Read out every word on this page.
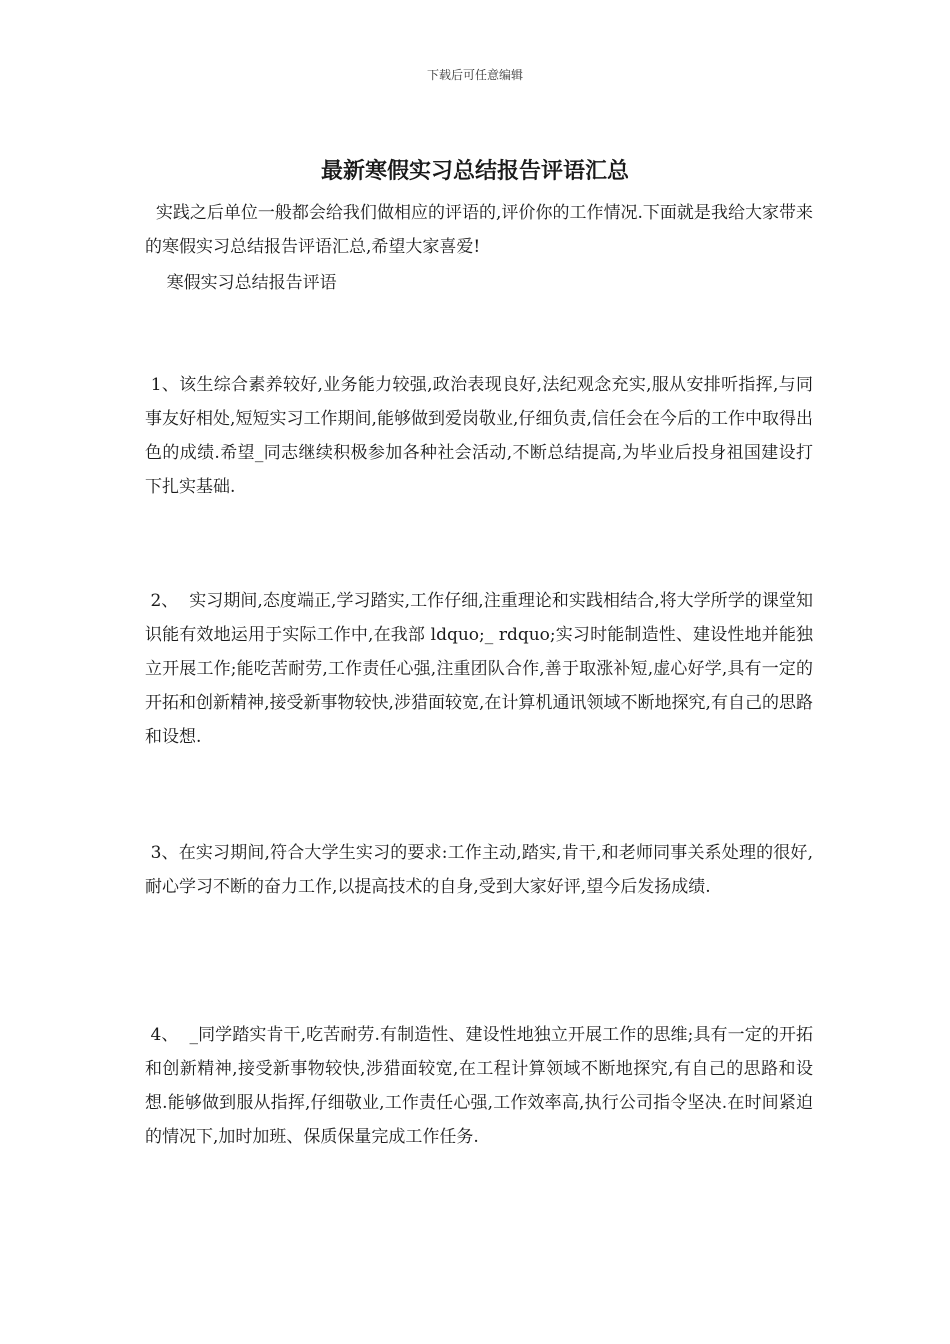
下载后可任意编辑
最新寒假实习总结报告评语汇总

实践之后单位一般都会给我们做相应的评语的,评价你的工作情况.下面就是我给大家带来的寒假实习总结报告评语汇总,希望大家喜爱!

寒假实习总结报告评语

1、该生综合素养较好,业务能力较强,政治表现良好,法纪观念充实,服从安排听指挥,与同事友好相处,短短实习工作期间,能够做到爱岗敬业,仔细负责,信任会在今后的工作中取得出色的成绩.希望_同志继续积极参加各种社会活动,不断总结提高,为毕业后投身祖国建设打下扎实基础.

2、  实习期间,态度端正,学习踏实,工作仔细,注重理论和实践相结合,将大学所学的课堂知识能有效地运用于实际工作中,在我部 ldquo;_ rdquo;实习时能制造性、建设性地并能独立开展工作;能吃苦耐劳,工作责任心强,注重团队合作,善于取涨补短,虚心好学,具有一定的开拓和创新精神,接受新事物较快,涉猎面较宽,在计算机通讯领域不断地探究,有自己的思路和设想.

3、在实习期间,符合大学生实习的要求:工作主动,踏实,肯干,和老师同事关系处理的很好,耐心学习不断的奋力工作,以提高技术的自身,受到大家好评,望今后发扬成绩.

4、  _同学踏实肯干,吃苦耐劳.有制造性、建设性地独立开展工作的思维;具有一定的开拓和创新精神,接受新事物较快,涉猎面较宽,在工程计算领域不断地探究,有自己的思路和设想.能够做到服从指挥,仔细敬业,工作责任心强,工作效率高,执行公司指令坚决.在时间紧迫的情况下,加时加班、保质保量完成工作任务.
